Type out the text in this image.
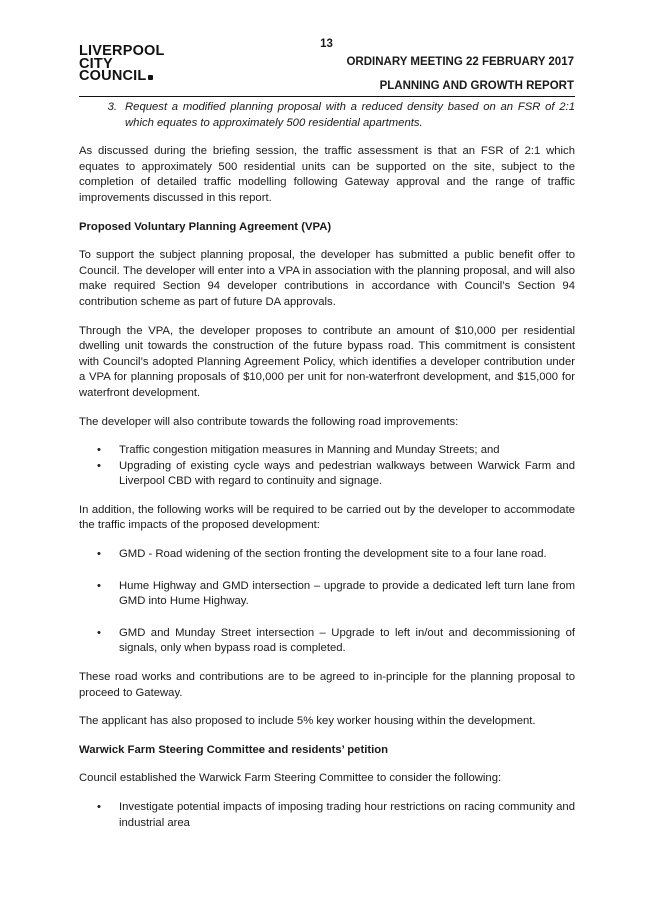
13
LIVERPOOL
CITY
COUNCIL
ORDINARY MEETING 22 FEBRUARY 2017
PLANNING AND GROWTH REPORT
3. Request a modified planning proposal with a reduced density based on an FSR of 2:1 which equates to approximately 500 residential apartments.

As discussed during the briefing session, the traffic assessment is that an FSR of 2:1 which equates to approximately 500 residential units can be supported on the site, subject to the completion of detailed traffic modelling following Gateway approval and the range of traffic improvements discussed in this report.

Proposed Voluntary Planning Agreement (VPA)

To support the subject planning proposal, the developer has submitted a public benefit offer to Council. The developer will enter into a VPA in association with the planning proposal, and will also make required Section 94 developer contributions in accordance with Council’s Section 94 contribution scheme as part of future DA approvals.

Through the VPA, the developer proposes to contribute an amount of $10,000 per residential dwelling unit towards the construction of the future bypass road. This commitment is consistent with Council’s adopted Planning Agreement Policy, which identifies a developer contribution under a VPA for planning proposals of $10,000 per unit for non-waterfront development, and $15,000 for waterfront development.

The developer will also contribute towards the following road improvements:

•	Traffic congestion mitigation measures in Manning and Munday Streets; and
•	Upgrading of existing cycle ways and pedestrian walkways between Warwick Farm and Liverpool CBD with regard to continuity and signage.

In addition, the following works will be required to be carried out by the developer to accommodate the traffic impacts of the proposed development:

•	GMD - Road widening of the section fronting the development site to a four lane road.
•	Hume Highway and GMD intersection – upgrade to provide a dedicated left turn lane from GMD into Hume Highway.
•	GMD and Munday Street intersection – Upgrade to left in/out and decommissioning of signals, only when bypass road is completed.

These road works and contributions are to be agreed to in-principle for the planning proposal to proceed to Gateway.

The applicant has also proposed to include 5% key worker housing within the development.

Warwick Farm Steering Committee and residents’ petition

Council established the Warwick Farm Steering Committee to consider the following:

•	Investigate potential impacts of imposing trading hour restrictions on racing community and industrial area
